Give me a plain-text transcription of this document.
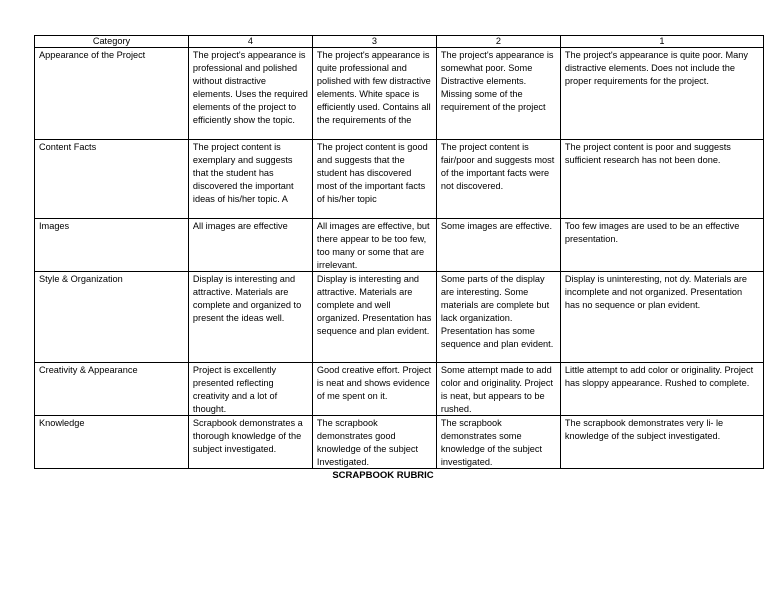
Category	4	3	2	1

Appearance of the Project	The project's appearance is professional and polished without distractive elements. Uses the required elements of the project to efficiently show the topic.	The project's appearance is quite professional and polished with few distractive elements. White space is efficiently used. Contains all the requirements of the	The project's appearance is somewhat poor. Some Distractive elements. Missing some of the requirement of the project	The project's appearance is quite poor. Many distractive elements. Does not include the proper requirements for the project.

Content Facts	The project content is exemplary and suggests that the student has discovered the important ideas of his/her topic. A	The project content is good and suggests that the student has discovered most of the important facts of his/her topic	The project content is fair/poor and suggests most of the important facts were not discovered.	The project content is poor and suggests sufficient research has not been done.

Images	All images are effective	All images are effective, but there appear to be too few, too many or some that are irrelevant.	Some images are effective.	Too few images are used to be an effective presentation.

Style & Organization	Display is interesting and attractive. Materials are complete and organized to present the ideas well.	Display is interesting and attractive. Materials are complete and well organized. Presentation has sequence and plan evident.	Some parts of the display are interesting. Some materials are complete but lack organization. Presentation has some sequence and plan evident.	Display is uninteresting, not dy. Materials are incomplete and not organized. Presentation has no sequence or plan evident.

Creativity & Appearance	Project is excellently presented reflecting creativity and a lot of thought.	Good creative effort. Project is neat and shows evidence of me spent on it.	Some attempt made to add color and originality. Project is neat, but appears to be rushed.	Little attempt to add color or originality. Project has sloppy appearance. Rushed to complete.

Knowledge	Scrapbook demonstrates a thorough knowledge of the subject investigated.	The scrapbook demonstrates good knowledge of the subject Investigated.	The scrapbook demonstrates some knowledge of the subject investigated.	The scrapbook demonstrates very li- le knowledge of the subject investigated.
SCRAPBOOK RUBRIC
